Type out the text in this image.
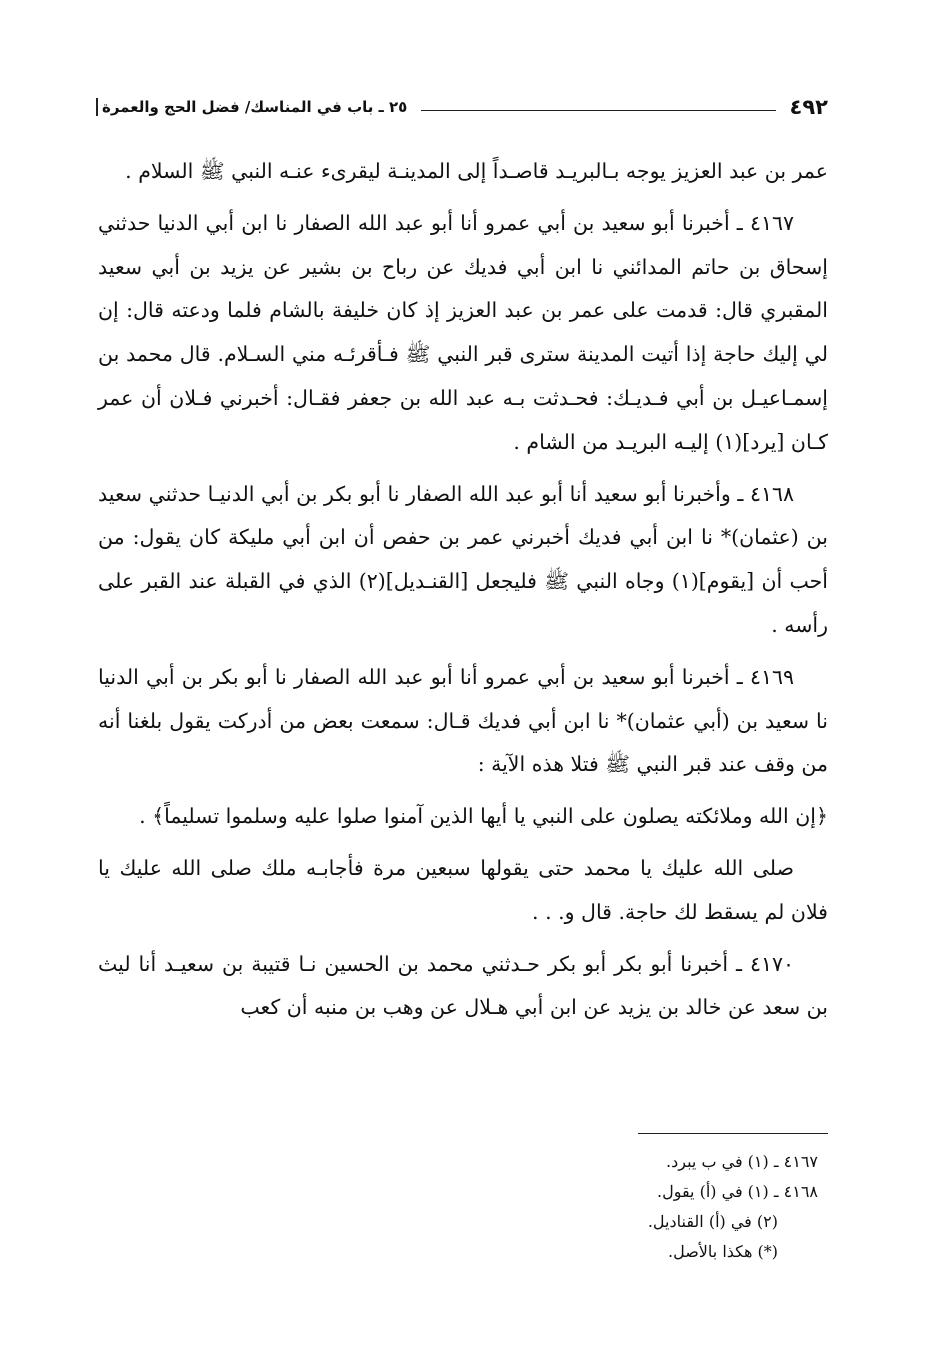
٤٩٢
٢٥ ـ باب في المناسك/ فضل الحج والعمرة

عمر بن عبد العزيز يوجه بـالبريـد قاصـداً إلى المدينـة ليقرىء عنـه النبي ﷺ السلام .

٤١٦٧ ـ أخبرنا أبو سعيد بن أبي عمرو أنا أبو عبد الله الصفار نا ابن أبي الدنيا حدثني إسحاق بن حاتم المدائني نا ابن أبي فديك عن رباح بن بشير عن يزيد بن أبي سعيد المقبري قال: قدمت على عمر بن عبد العزيز إذ كان خليفة بالشام فلما ودعته قال: إن لي إليك حاجة إذا أتيت المدينة سترى قبر النبي ﷺ فـأقرئـه مني السـلام. قال محمد بن إسمـاعيـل بن أبي فـديـك: فحـدثت بـه عبد الله بن جعفر فقـال: أخبرني فـلان أن عمر كـان [يرد](١) إليـه البريـد من الشام .

٤١٦٨ ـ وأخبرنا أبو سعيد أنا أبو عبد الله الصفار نا أبو بكر بن أبي الدنيـا حدثني سعيد بن (عثمان)* نا ابن أبي فديك أخبرني عمر بن حفص أن ابن أبي مليكة كان يقول: من أحب أن [يقوم](١) وجاه النبي ﷺ فليجعل [القنـديل](٢) الذي في القبلة عند القبر على رأسه .

٤١٦٩ ـ أخبرنا أبو سعيد بن أبي عمرو أنا أبو عبد الله الصفار نا أبو بكر بن أبي الدنيا نا سعيد بن (أبي عثمان)* نا ابن أبي فديك قـال: سمعت بعض من أدركت يقول بلغنا أنه من وقف عند قبر النبي ﷺ فتلا هذه الآية :

﴿إن الله وملائكته يصلون على النبي يا أيها الذين آمنوا صلوا عليه وسلموا تسليماً﴾ .

صلى الله عليك يا محمد حتى يقولها سبعين مرة فأجابـه ملك صلى الله عليك يا فلان لم يسقط لك حاجة. قال و. . .

٤١٧٠ ـ أخبرنا أبو بكر أبو بكر حـدثني محمد بن الحسين نـا قتيبة بن سعيـد أنا ليث بن سعد عن خالد بن يزيد عن ابن أبي هـلال عن وهب بن منبه أن كعب

٤١٦٧ ـ (١) في ب يبرد.
٤١٦٨ ـ (١) في (أ) يقول.
(٢) في (أ) القناديل.
(*) هكذا بالأصل.
